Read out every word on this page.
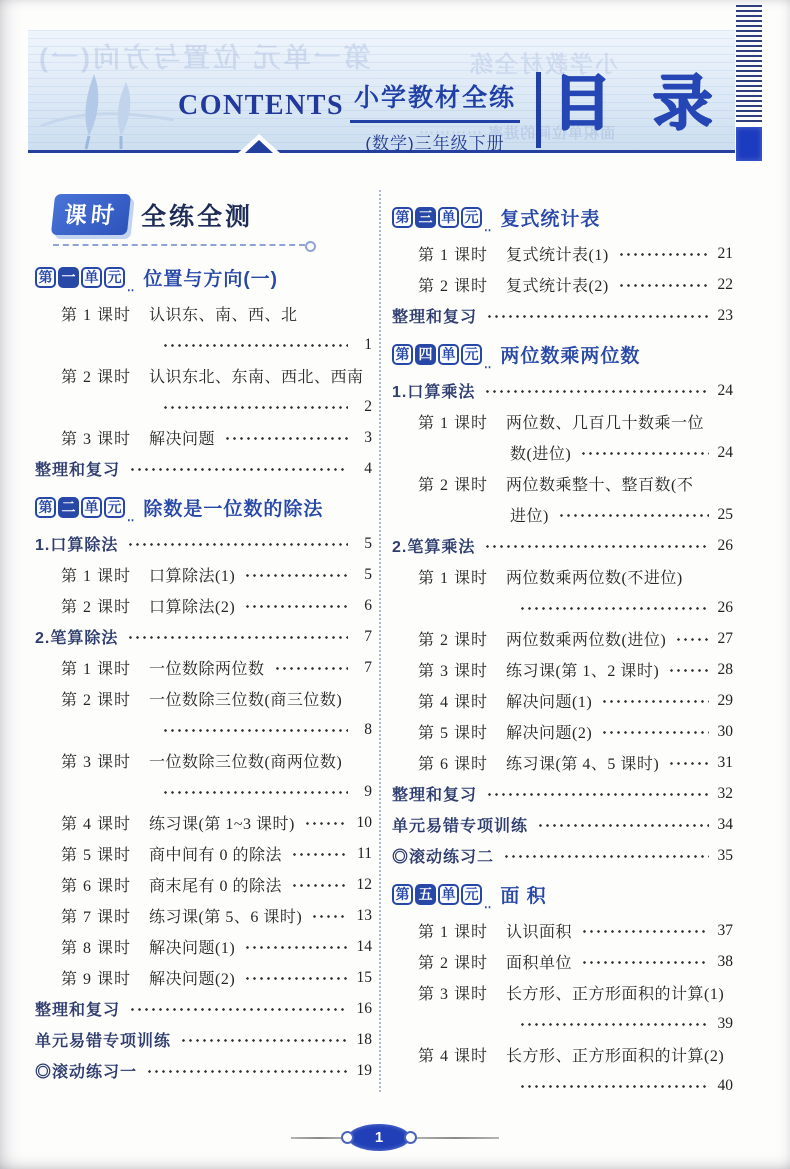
第一单元 位置与方向(一)	小学教材全练
面积单位间的进率 ⋯⋯⋯⋯
CONTENTS 小学教材全练
(数学)三年级下册
目 录
课时 全练全测
第 一 单 元
‥ 位置与方向(一)
第 1 课时	认识东、南、西、北
1
第 2 课时	认识东北、东南、西北、西南
2
第 3 课时	解决问题	3
整理和复习	4
第 二 单 元
‥ 除数是一位数的除法
1.口算除法	5
第 1 课时	口算除法(1)	5
第 2 课时	口算除法(2)	6
2.笔算除法	7
第 1 课时	一位数除两位数	7
第 2 课时	一位数除三位数(商三位数)
8
第 3 课时	一位数除三位数(商两位数)
9
第 4 课时	练习课(第 1~3 课时)	10
第 5 课时	商中间有 0 的除法	11
第 6 课时	商末尾有 0 的除法	12
第 7 课时	练习课(第 5、6 课时)	13
第 8 课时	解决问题(1)	14
第 9 课时	解决问题(2)	15
整理和复习	16
单元易错专项训练	18
◎滚动练习一	19
第 三 单 元
‥ 复式统计表
第 1 课时	复式统计表(1)	21
第 2 课时	复式统计表(2)	22
整理和复习	23
第 四 单 元
‥ 两位数乘两位数
1.口算乘法	24
第 1 课时	两位数、几百几十数乘一位
数(进位)	24
第 2 课时	两位数乘整十、整百数(不
进位)	25
2.笔算乘法	26
第 1 课时	两位数乘两位数(不进位)
26
第 2 课时	两位数乘两位数(进位)	27
第 3 课时	练习课(第 1、2 课时)	28
第 4 课时	解决问题(1)	29
第 5 课时	解决问题(2)	30
第 6 课时	练习课(第 4、5 课时)	31
整理和复习	32
单元易错专项训练	34
◎滚动练习二	35
第 五 单 元
‥ 面 积
第 1 课时	认识面积	37
第 2 课时	面积单位	38
第 3 课时	长方形、正方形面积的计算(1)
39
第 4 课时	长方形、正方形面积的计算(2)
40
1
